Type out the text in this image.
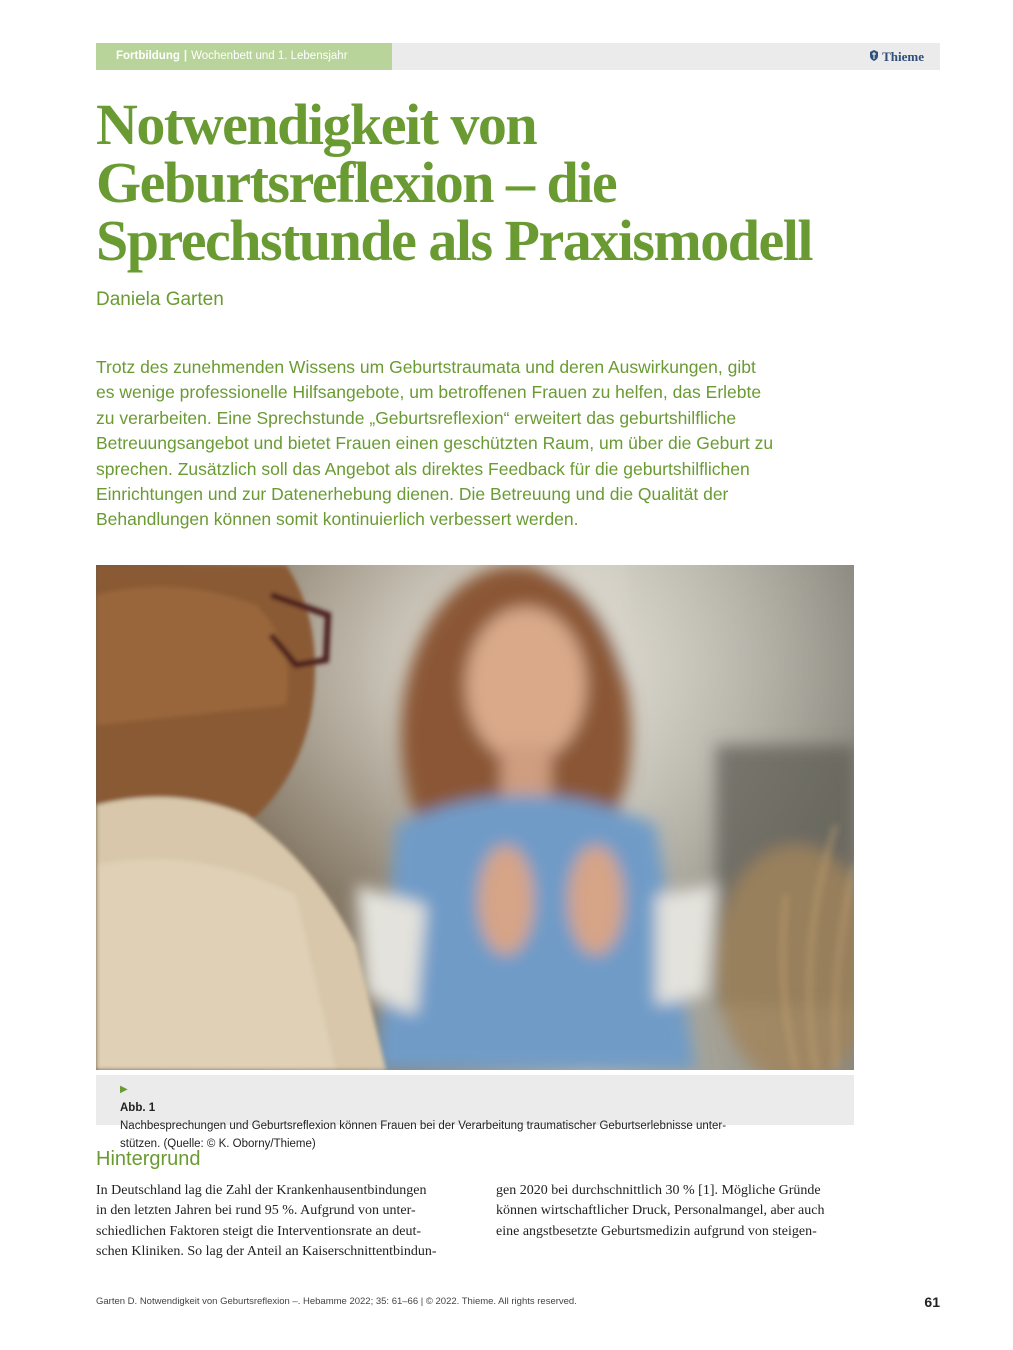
Fortbildung | Wochenbett und 1. Lebensjahr	Thieme
Notwendigkeit von
Geburtsreflexion – die
Sprechstunde als Praxismodell
Daniela Garten
Trotz des zunehmenden Wissens um Geburtstraumata und deren Auswirkungen, gibt
es wenige professionelle Hilfsangebote, um betroffenen Frauen zu helfen, das Erlebte
zu verarbeiten. Eine Sprechstunde „Geburtsreflexion“ erweitert das geburtshilfliche
Betreuungsangebot und bietet Frauen einen geschützten Raum, um über die Geburt zu
sprechen. Zusätzlich soll das Angebot als direktes Feedback für die geburtshilflichen
Einrichtungen und zur Datenerhebung dienen. Die Betreuung und die Qualität der
Behandlungen können somit kontinuierlich verbessert werden.
▶
Abb. 1
Nachbesprechungen und Geburtsreflexion können Frauen bei der Verarbeitung traumatischer Geburtserlebnisse unter-
stützen. (Quelle: © K. Oborny/Thieme)
Hintergrund
In Deutschland lag die Zahl der Krankenhausentbindungen
in den letzten Jahren bei rund 95 %. Aufgrund von unter-
schiedlichen Faktoren steigt die Interventionsrate an deut-
schen Kliniken. So lag der Anteil an Kaiserschnittentbindun-
gen 2020 bei durchschnittlich 30 % [1]. Mögliche Gründe
können wirtschaftlicher Druck, Personalmangel, aber auch
eine angstbesetzte Geburtsmedizin aufgrund von steigen-
Garten D. Notwendigkeit von Geburtsreflexion –. Hebamme 2022; 35: 61–66 | © 2022. Thieme. All rights reserved.	61
